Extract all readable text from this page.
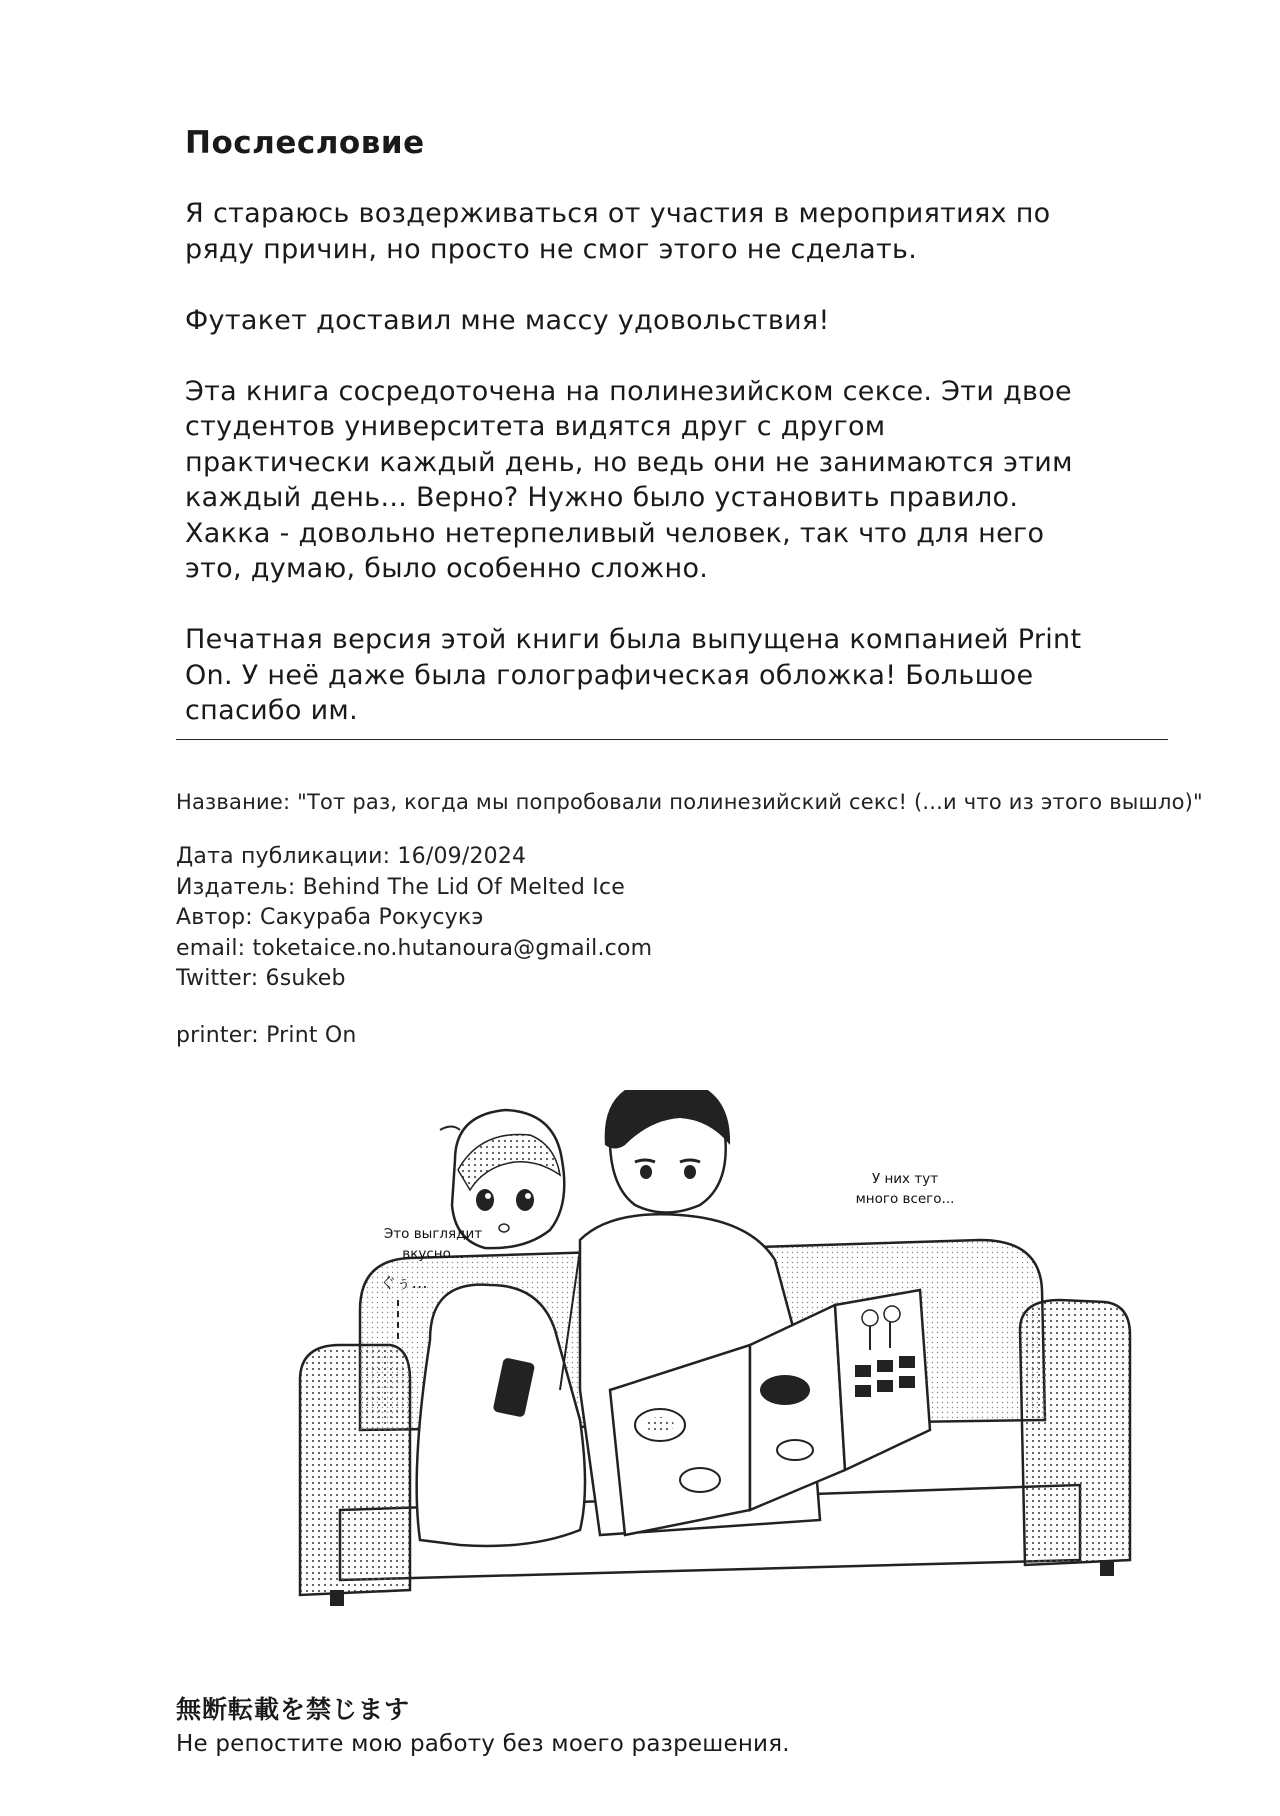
Послесловие

Я стараюсь воздерживаться от участия в мероприятиях по
ряду причин, но просто не смог этого не сделать.

Футакет доставил мне массу удовольствия!

Эта книга сосредоточена на полинезийском сексе. Эти двое
студентов университета видятся друг с другом
практически каждый день, но ведь они не занимаются этим
каждый день... Верно? Нужно было установить правило.
Хакка - довольно нетерпеливый человек, так что для него
это, думаю, было особенно сложно.

Печатная версия этой книги была выпущена компанией Print
On. У неё даже была голографическая обложка! Большое
спасибо им.

Название: "Тот раз, когда мы попробовали полинезийский секс! (...и что из этого вышло)"
Дата публикации: 16/09/2024
Издатель: Behind The Lid Of Melted Ice
Автор: Сакураба Рокусукэ
email: toketaice.no.hutanoura@gmail.com
Twitter: 6sukeb
printer: Print On
ぐぅ…
Это выглядит
вкусно...
У них тут
много всего...
無断転載を禁じます
Не репостите мою работу без моего разрешения.
